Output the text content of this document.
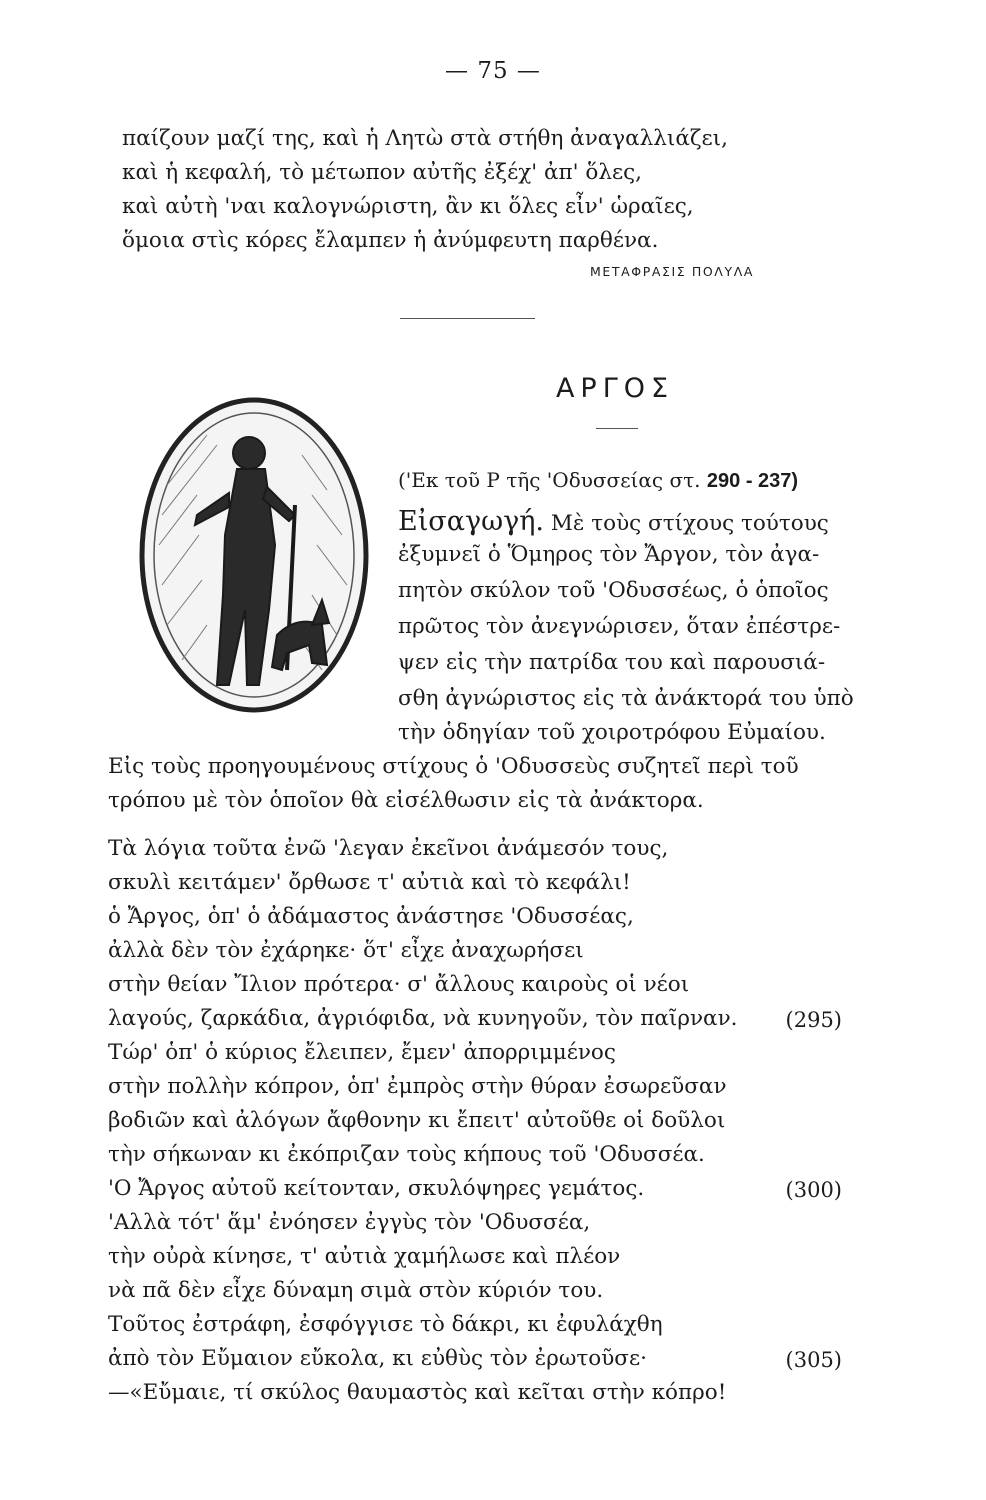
— 75 —
παίζουν μαζί της, καὶ ἡ Λητὼ στὰ στήθη ἀναγαλλιάζει,
καὶ ἡ κεφαλή, τὸ μέτωπον αὐτῆς ἐξέχ' ἀπ' ὅλες,
καὶ αὐτὴ 'ναι καλογνώριστη, ἂν κι ὅλες εἶν' ὡραῖες,
ὅμοια στὶς κόρες ἔλαμπεν ἡ ἀνύμφευτη παρθένα.
ΜΕΤΑΦΡΑΣΙΣ ΠΟΛΥΛΑ
ΑΡΓΟΣ
('Εκ τοῦ Ρ τῆς 'Οδυσσείας στ. 290 - 237)
Εἰσαγωγή. Μὲ τοὺς στίχους τούτους
ἐξυμνεῖ ὁ Ὅμηρος τὸν Ἄργον, τὸν ἀγα-
πητὸν σκύλον τοῦ 'Οδυσσέως, ὁ ὁποῖος
πρῶτος τὸν ἀνεγνώρισεν, ὅταν ἐπέστρε-
ψεν εἰς τὴν πατρίδα του καὶ παρουσιά-
σθη ἀγνώριστος εἰς τὰ ἀνάκτορά του ὑπὸ
τὴν ὁδηγίαν τοῦ χοιροτρόφου Εὐμαίου.
Εἰς τοὺς προηγουμένους στίχους ὁ 'Οδυσσεὺς συζητεῖ περὶ τοῦ
τρόπου μὲ τὸν ὁποῖον θὰ εἰσέλθωσιν εἰς τὰ ἀνάκτορα.
Τὰ λόγια τοῦτα ἐνῶ 'λεγαν ἐκεῖνοι ἀνάμεσόν τους,
σκυλὶ κειτάμεν' ὄρθωσε τ' αὐτιὰ καὶ τὸ κεφάλι!
ὁ Ἄργος, ὁπ' ὁ ἀδάμαστος ἀνάστησε 'Οδυσσέας,
ἀλλὰ δὲν τὸν ἐχάρηκε· ὅτ' εἶχε ἀναχωρήσει
στὴν θείαν Ἴλιον πρότερα· σ' ἄλλους καιροὺς οἱ νέοι
λαγούς, ζαρκάδια, ἀγριόφιδα, νὰ κυνηγοῦν, τὸν παῖρναν. (295)
Τώρ' ὁπ' ὁ κύριος ἔλειπεν, ἔμεν' ἀπορριμμένος
στὴν πολλὴν κόπρον, ὁπ' ἐμπρὸς στὴν θύραν ἐσωρεῦσαν
βοδιῶν καὶ ἀλόγων ἄφθονην κι ἔπειτ' αὐτοῦθε οἱ δοῦλοι
τὴν σήκωναν κι ἐκόπριζαν τοὺς κήπους τοῦ 'Οδυσσέα.
'Ο Ἄργος αὐτοῦ κείτονταν, σκυλόψηρες γεμάτος.	(300)
'Αλλὰ τότ' ἅμ' ἐνόησεν ἐγγὺς τὸν 'Οδυσσέα,
τὴν οὐρὰ κίνησε, τ' αὐτιὰ χαμήλωσε καὶ πλέον
νὰ πᾶ δὲν εἶχε δύναμη σιμὰ στὸν κύριόν του.
Τοῦτος ἐστράφη, ἐσφόγγισε τὸ δάκρι, κι ἐφυλάχθη
ἀπὸ τὸν Εὔμαιον εὔκολα, κι εὐθὺς τὸν ἐρωτοῦσε·	(305)
—«Εὔμαιε, τί σκύλος θαυμαστὸς καὶ κεῖται στὴν κόπρο!
